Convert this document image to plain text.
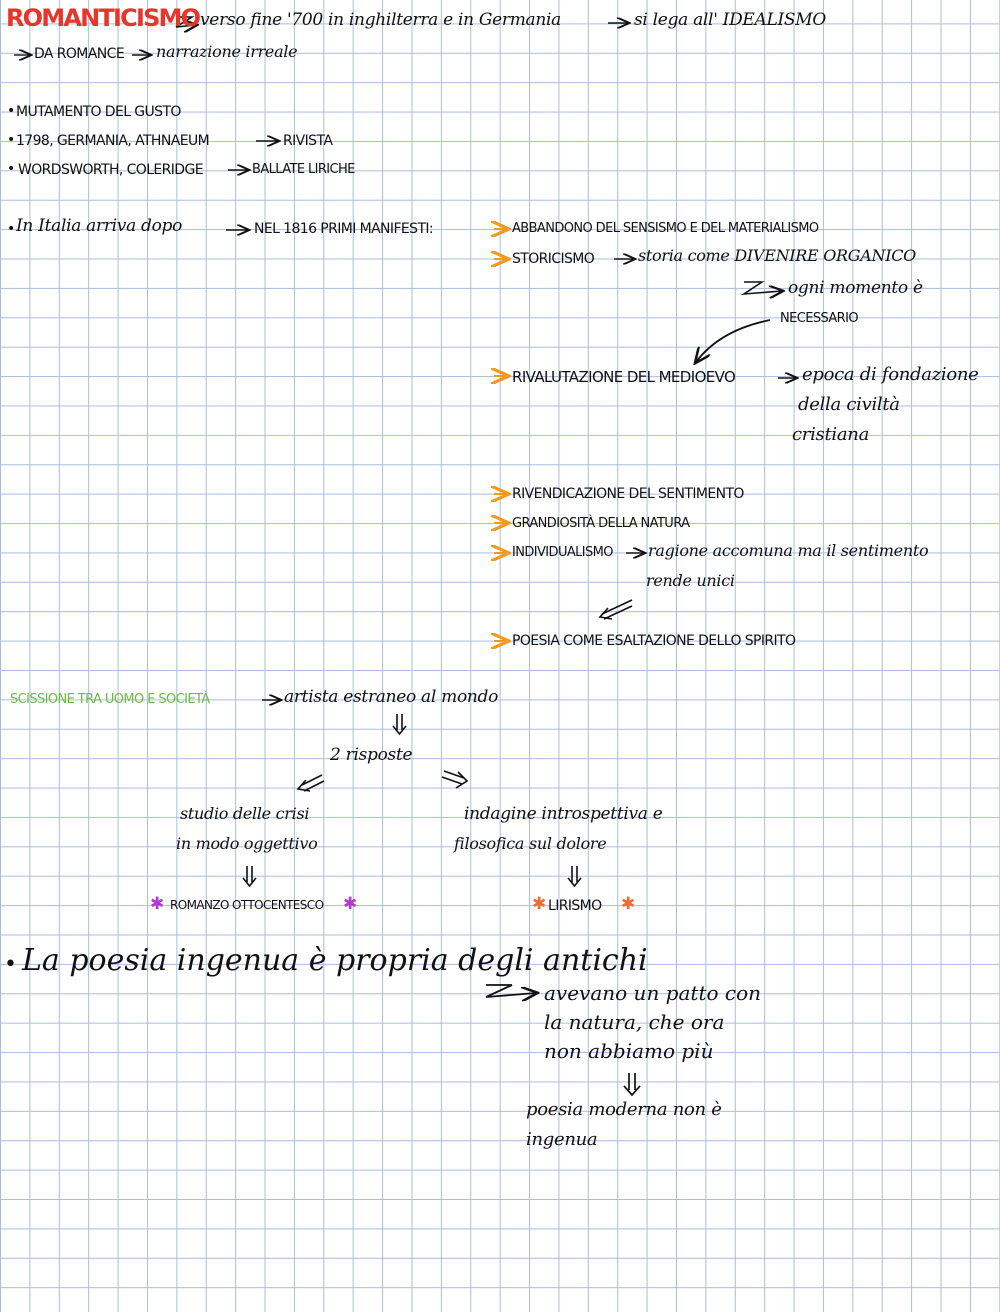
ROMANTICISMO verso fine '700 in inghilterra e in Germania	si lega all' IDEALISMO
DA ROMANCE narrazione irreale
• MUTAMENTO DEL GUSTO
• 1798, GERMANIA, ATHNAEUM	RIVISTA
• WORDSWORTH, COLERIDGE	BALLATE LIRICHE
• In Italia arriva dopo	NEL 1816 PRIMI MANIFESTI:	ABBANDONO DEL SENSISMO E DEL MATERIALISMO
STORICISMO	storia come DIVENIRE ORGANICO
ogni momento è
NECESSARIO
RIVALUTAZIONE DEL MEDIOEVO	epoca di fondazione
della civiltà
cristiana
RIVENDICAZIONE DEL SENTIMENTO
GRANDIOSITÀ DELLA NATURA
INDIVIDUALISMO ragione accomuna ma il sentimento
rende unici
POESIA COME ESALTAZIONE DELLO SPIRITO
SCISSIONE TRA UOMO E SOCIETÀ	artista estraneo al mondo
2 risposte
studio delle crisi
in modo oggettivo
indagine introspettiva e
filosofica sul dolore
✱ ROMANZO OTTOCENTESCO ✱	✱ LIRISMO ✱
• La poesia ingenua è propria degli antichi
avevano un patto con
la natura, che ora
non abbiamo più
poesia moderna non è
ingenua
